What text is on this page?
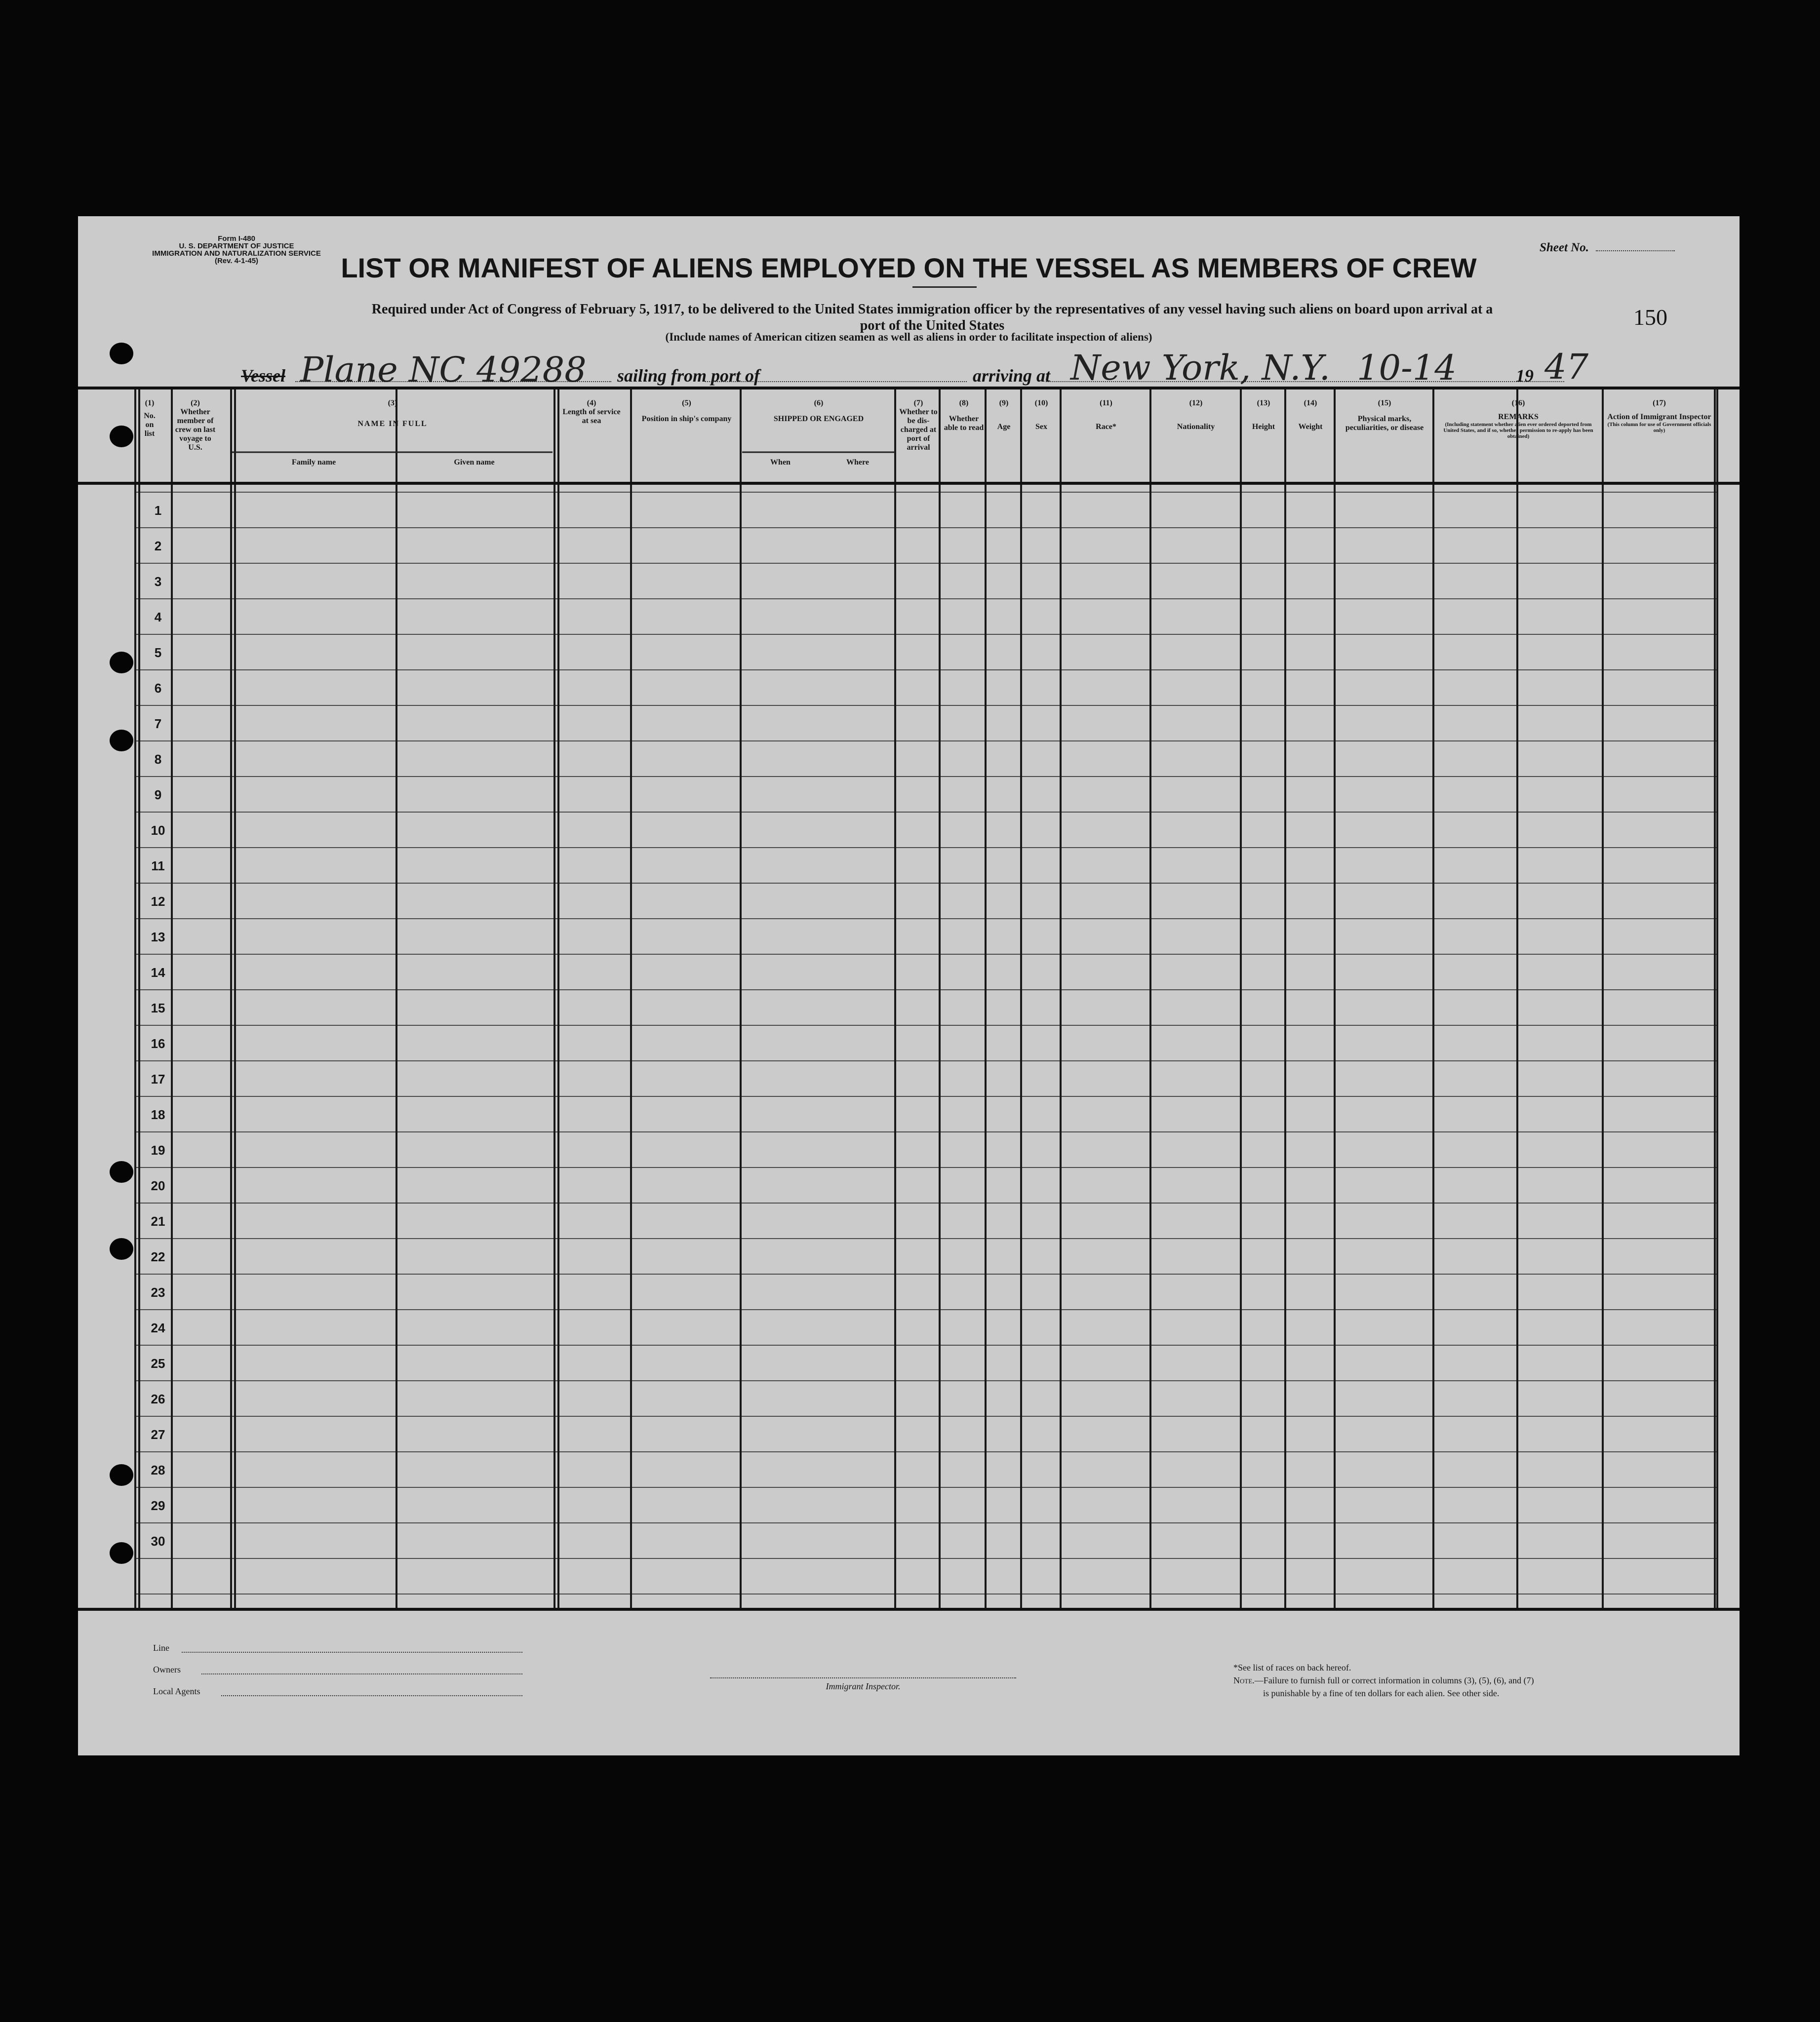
Form I-480
U. S. DEPARTMENT OF JUSTICE
IMMIGRATION AND NATURALIZATION SERVICE
(Rev. 4-1-45)
Sheet No.
LIST OR MANIFEST OF ALIENS EMPLOYED ON THE VESSEL AS MEMBERS OF CREW
Required under Act of Congress of February 5, 1917, to be delivered to the United States immigration officer by the representatives of any vessel having such aliens on board upon arrival at a
port of the United States
(Include names of American citizen seamen as well as aliens in order to facilitate inspection of aliens)
150
Vessel Plane NC 49288 sailing from port of	arriving at New York, N.Y. 10-14	19 47
(1)
No. on list
(2)
Whether member of crew on last voyage to U.S.
(3)
NAME IN FULL
Family name	Given name
(4)
Length of service at sea
(5)
Position in ship's company
(6)
SHIPPED OR ENGAGED
When	Where
(7)
Whether to be dis-charged at port of arrival
(8)
Whether able to read
(9)
Age
(10)
Sex
(11)
Race*
(12)
Nationality
(13)
Height
(14)
Weight
(15)
Physical marks, peculiarities, or disease
(16)
REMARKS
(Including statement whether alien ever ordered deported from United States, and if so, whether permission to re-apply has been obtained)
(17)
Action of Immigrant Inspector
(This column for use of Government officials only)
1
2
3
4
5
6
7
8
9
10
11
12
13
14
15
16
17
18
19
20
21
22
23
24
25
26
27
28
29
30
Line
Owners
Local Agents	Immigrant Inspector.
*See list of races on back hereof.
Note.—Failure to furnish full or correct information in columns (3), (5), (6), and (7)
is punishable by a fine of ten dollars for each alien. See other side.
